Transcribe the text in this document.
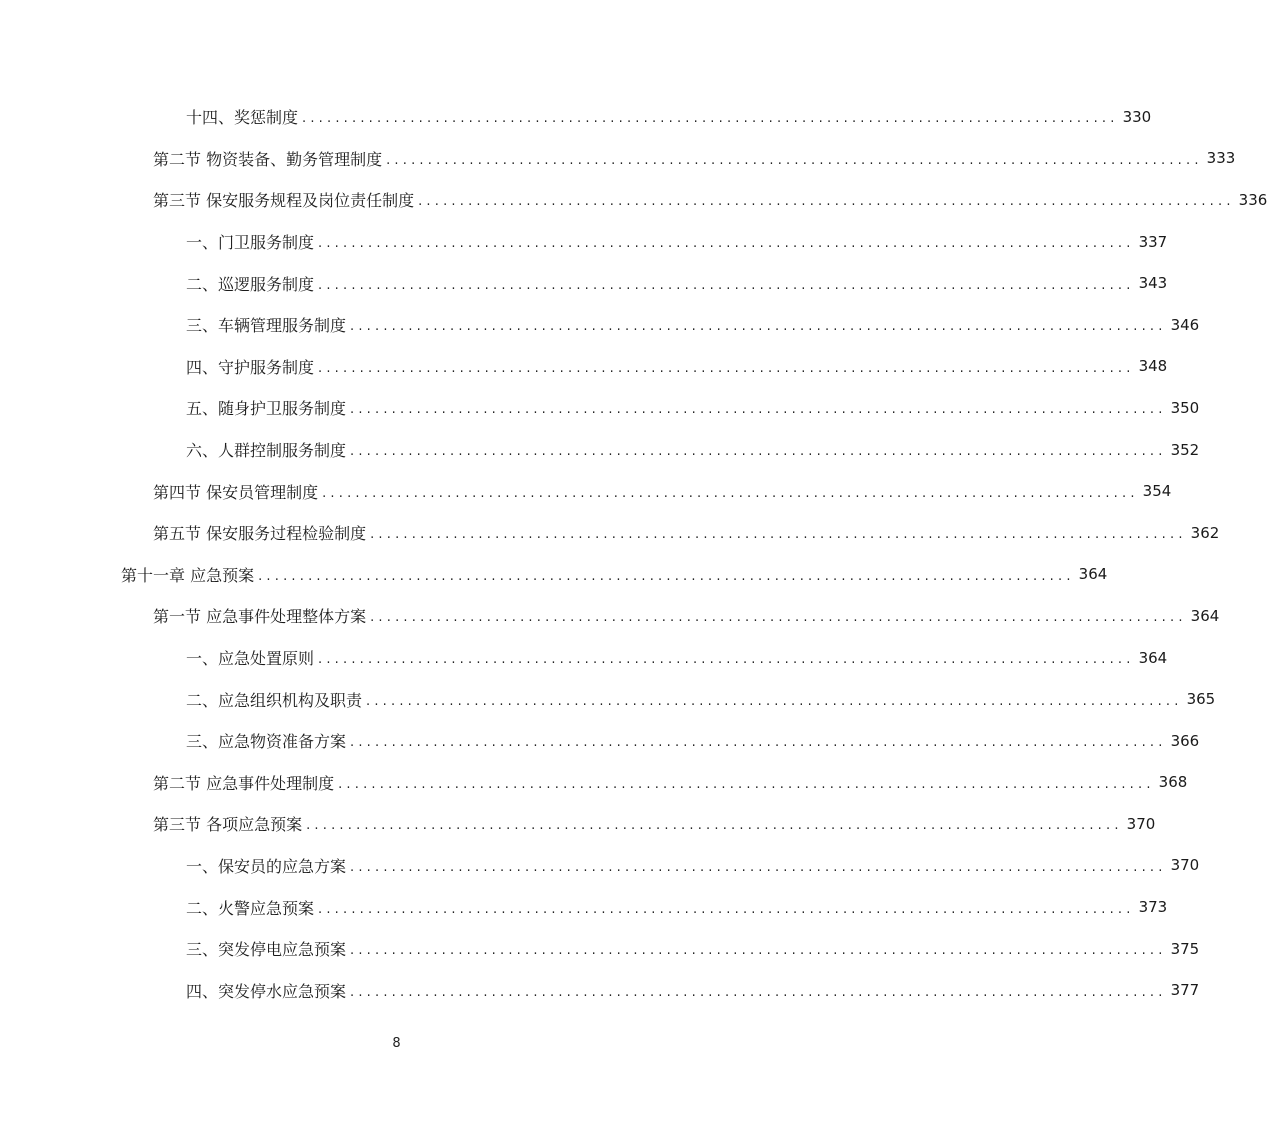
十四、奖惩制度 .................................................................................................. 330
第二节 物资装备、勤务管理制度 .................................................................................................. 333
第三节 保安服务规程及岗位责任制度 .................................................................................................. 336
一、门卫服务制度 .................................................................................................. 337
二、巡逻服务制度 .................................................................................................. 343
三、车辆管理服务制度 .................................................................................................. 346
四、守护服务制度 .................................................................................................. 348
五、随身护卫服务制度 .................................................................................................. 350
六、人群控制服务制度 .................................................................................................. 352
第四节 保安员管理制度 .................................................................................................. 354
第五节 保安服务过程检验制度 .................................................................................................. 362
第十一章 应急预案 .................................................................................................. 364
第一节 应急事件处理整体方案 .................................................................................................. 364
一、应急处置原则 .................................................................................................. 364
二、应急组织机构及职责 .................................................................................................. 365
三、应急物资准备方案 .................................................................................................. 366
第二节 应急事件处理制度 .................................................................................................. 368
第三节 各项应急预案 .................................................................................................. 370
一、保安员的应急方案 .................................................................................................. 370
二、火警应急预案 .................................................................................................. 373
三、突发停电应急预案 .................................................................................................. 375
四、突发停水应急预案 .................................................................................................. 377
8
